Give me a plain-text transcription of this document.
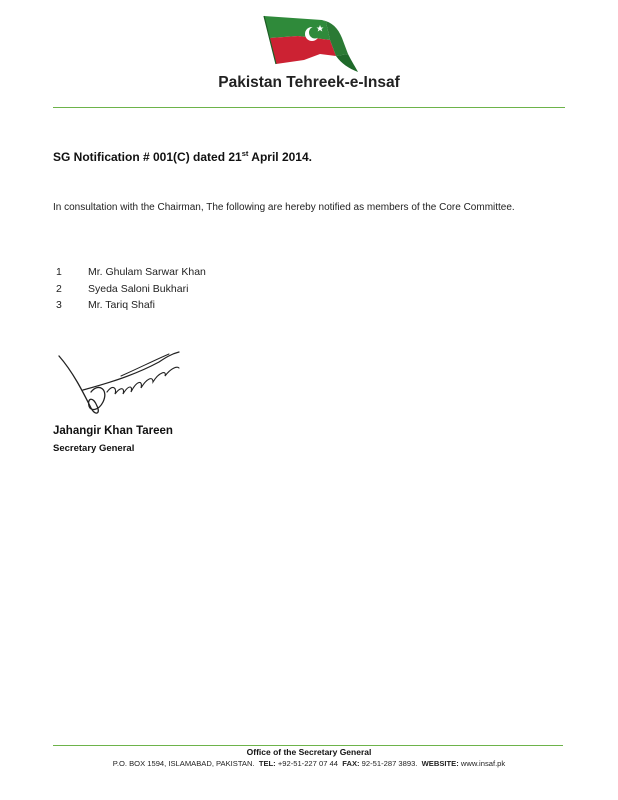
Pakistan Tehreek-e-Insaf
SG Notification # 001(C) dated 21st April 2014.
In consultation with the Chairman, The following are hereby notified as members of the Core Committee.
1 Mr. Ghulam Sarwar Khan
2 Syeda Saloni Bukhari
3 Mr. Tariq Shafi
Jahangir Khan Tareen
Secretary General
Office of the Secretary General
P.O. BOX 1594, ISLAMABAD, PAKISTAN. TEL: +92-51-227 07 44 FAX: 92-51-287 3893. WEBSITE: www.insaf.pk
